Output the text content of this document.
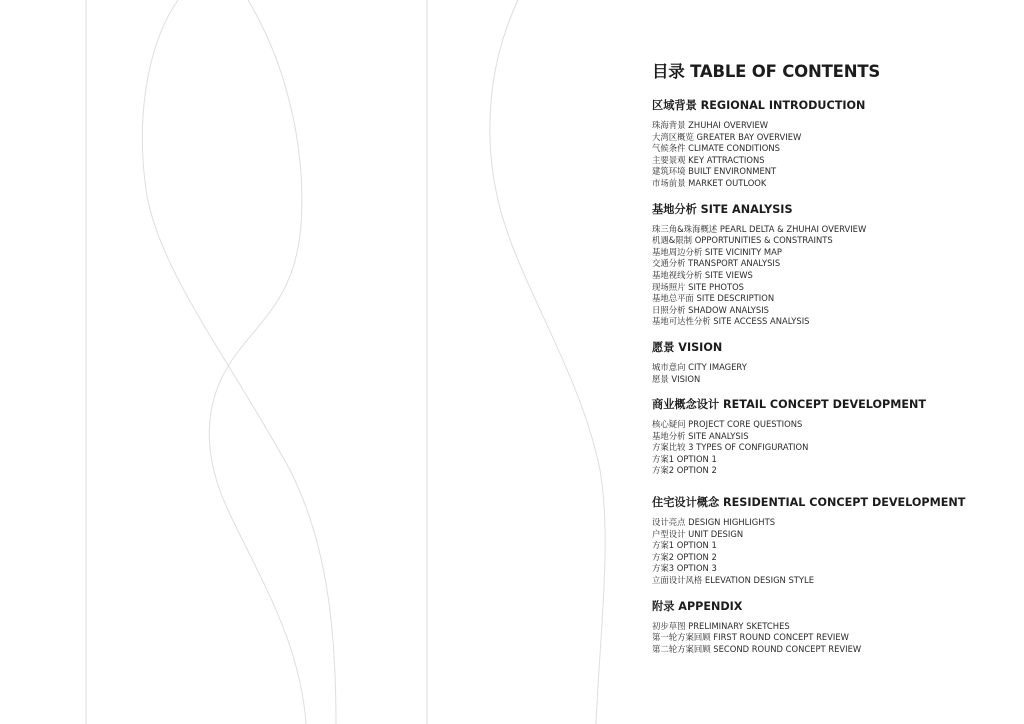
目录 TABLE OF CONTENTS
区域背景 REGIONAL INTRODUCTION
珠海背景 ZHUHAI OVERVIEW
大湾区概览 GREATER BAY OVERVIEW
气候条件 CLIMATE CONDITIONS
主要景观 KEY ATTRACTIONS
建筑环境 BUILT ENVIRONMENT
市场前景 MARKET OUTLOOK
基地分析 SITE ANALYSIS
珠三角&珠海概述 PEARL DELTA & ZHUHAI OVERVIEW
机遇&限制 OPPORTUNITIES & CONSTRAINTS
基地周边分析 SITE VICINITY MAP
交通分析 TRANSPORT ANALYSIS
基地视线分析 SITE VIEWS
现场照片 SITE PHOTOS
基地总平面 SITE DESCRIPTION
日照分析 SHADOW ANALYSIS
基地可达性分析 SITE ACCESS ANALYSIS
愿景 VISION
城市意向 CITY IMAGERY
愿景 VISION
商业概念设计 RETAIL CONCEPT DEVELOPMENT
核心疑问 PROJECT CORE QUESTIONS
基地分析 SITE ANALYSIS
方案比较 3 TYPES OF CONFIGURATION
方案1 OPTION 1
方案2 OPTION 2
住宅设计概念 RESIDENTIAL CONCEPT DEVELOPMENT
设计亮点 DESIGN HIGHLIGHTS
户型设计 UNIT DESIGN
方案1 OPTION 1
方案2 OPTION 2
方案3 OPTION 3
立面设计风格 ELEVATION DESIGN STYLE
附录 APPENDIX
初步草图 PRELIMINARY SKETCHES
第一轮方案回顾 FIRST ROUND CONCEPT REVIEW
第二轮方案回顾 SECOND ROUND CONCEPT REVIEW
